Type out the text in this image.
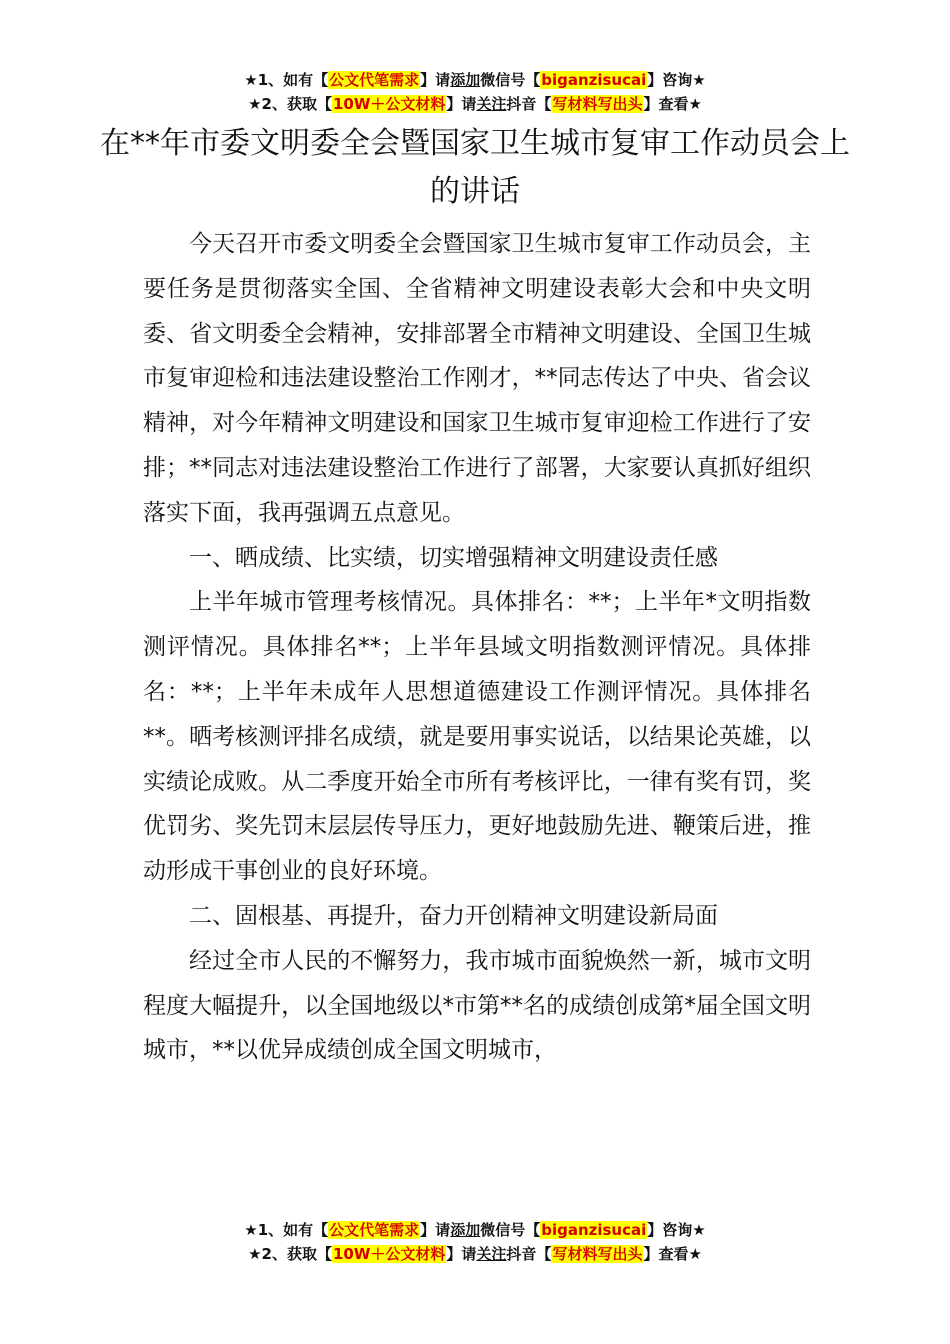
★1、如有【公文代笔需求】请添加微信号【biganzisucai】咨询★
★2、获取【10W＋公文材料】请关注抖音【写材料写出头】查看★
在**年市委文明委全会暨国家卫生城市复审工作动员会上的讲话

今天召开市委文明委全会暨国家卫生城市复审工作动员会，主要任务是贯彻落实全国、全省精神文明建设表彰大会和中央文明委、省文明委全会精神，安排部署全市精神文明建设、全国卫生城市复审迎检和违法建设整治工作刚才，**同志传达了中央、省会议精神，对今年精神文明建设和国家卫生城市复审迎检工作进行了安排；**同志对违法建设整治工作进行了部署，大家要认真抓好组织落实下面，我再强调五点意见。

一、晒成绩、比实绩，切实增强精神文明建设责任感

上半年城市管理考核情况。具体排名：**；上半年*文明指数测评情况。具体排名**；上半年县域文明指数测评情况。具体排名：**；上半年未成年人思想道德建设工作测评情况。具体排名**。晒考核测评排名成绩，就是要用事实说话，以结果论英雄，以实绩论成败。从二季度开始全市所有考核评比，一律有奖有罚，奖优罚劣、奖先罚末层层传导压力，更好地鼓励先进、鞭策后进，推动形成干事创业的良好环境。

二、固根基、再提升，奋力开创精神文明建设新局面

经过全市人民的不懈努力，我市城市面貌焕然一新，城市文明程度大幅提升，以全国地级以*市第**名的成绩创成第*届全国文明城市，**以优异成绩创成全国文明城市，

★1、如有【公文代笔需求】请添加微信号【biganzisucai】咨询★
★2、获取【10W＋公文材料】请关注抖音【写材料写出头】查看★
